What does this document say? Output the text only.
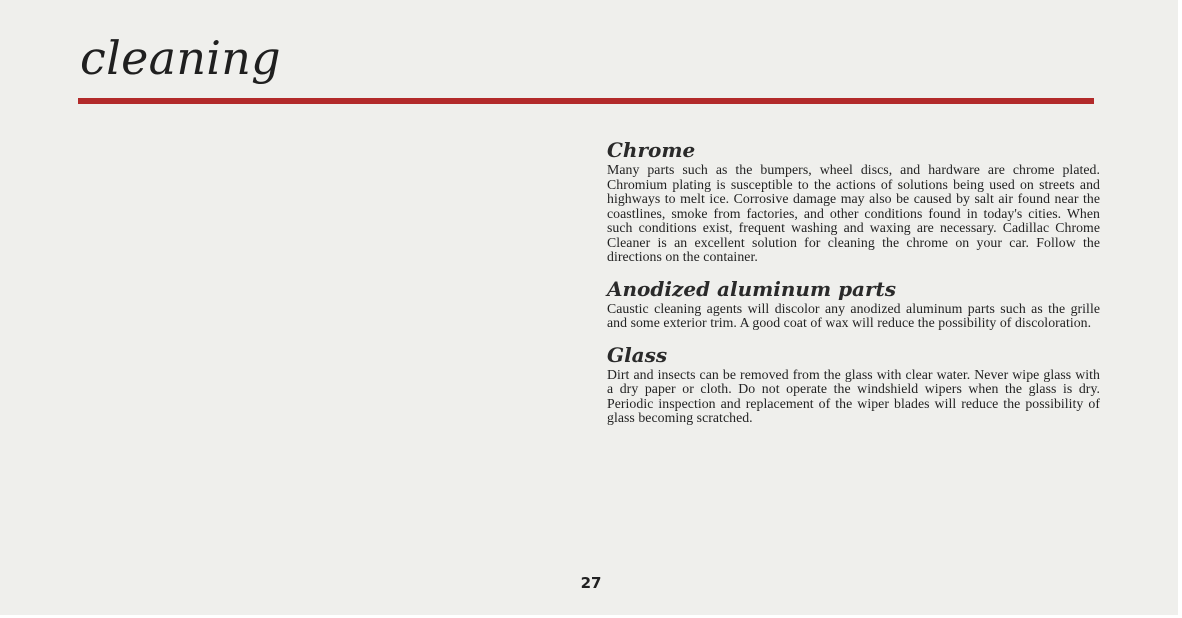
cleaning
Chrome

Many parts such as the bumpers, wheel discs, and hardware are chrome plated. Chromium plating is susceptible to the actions of solutions being used on streets and highways to melt ice. Corrosive damage may also be caused by salt air found near the coastlines, smoke from factories, and other conditions found in today's cities. When such conditions exist, frequent washing and waxing are necessary. Cadillac Chrome Cleaner is an excellent solution for cleaning the chrome on your car. Follow the directions on the container.

Anodized aluminum parts

Caustic cleaning agents will discolor any anodized aluminum parts such as the grille and some exterior trim. A good coat of wax will reduce the possibility of discoloration.

Glass

Dirt and insects can be removed from the glass with clear water. Never wipe glass with a dry paper or cloth. Do not operate the windshield wipers when the glass is dry. Periodic inspection and replacement of the wiper blades will reduce the possibility of glass becoming scratched.

27
